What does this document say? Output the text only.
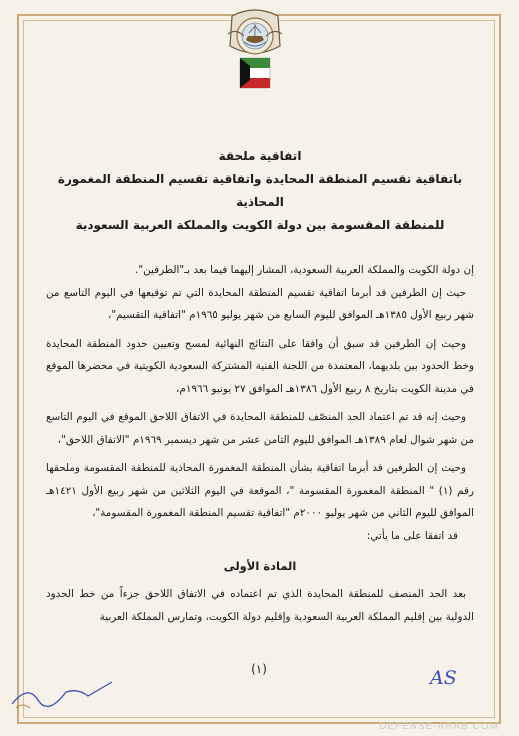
اتفاقية ملحقة

باتفاقية تقسيم المنطقة المحايدة واتفاقية تقسيم المنطقة المغمورة المحاذية

للمنطقة المقسومة بين دولة الكويت والمملكة العربية السعودية

إن دولة الكويت والمملكة العربية السعودية، المشار إليهما فيما بعد بـ"الطرفين".

حيث إن الطرفين قد أبرما اتفاقية تقسيم المنطقة المحايدة التي تم توقيعها في اليوم التاسع من شهر ربيع الأول ١٣٨٥هـ الموافق لليوم السابع من شهر يوليو ١٩٦٥م "اتفاقية التقسيم"،

وحيث إن الطرفين قد سبق أن وافقا على النتائج النهائية لمسح وتعيين حدود المنطقة المحايدة وخط الحدود بين بلديهما، المعتمدة من اللجنة الفنية المشتركة السعودية الكويتية في محضرها الموقع في مدينة الكويت بتاريخ ٨ ربيع الأول ١٣٨٦هـ الموافق ٢٧ يونيو ١٩٦٦م،

وحيث إنه قد تم اعتماد الحد المنصّف للمنطقة المحايدة في الاتفاق اللاحق الموقع في اليوم التاسع من شهر شوال لعام ١٣٨٩هـ الموافق لليوم الثامن عشر من شهر ديسمبر ١٩٦٩م "الاتفاق اللاحق"،

وحيث إن الطرفين قد أبرما اتفاقية بشأن المنطقة المغمورة المحاذية للمنطقة المقسومة وملحقها رقم (١) " المنطقة المغمورة المقسومة "، الموقعة في اليوم الثلاثين من شهر ربيع الأول ١٤٢١هـ الموافق لليوم الثاني من شهر يوليو ٢٠٠٠م "اتفاقية تقسيم المنطقة المغمورة المقسومة"،

قد اتفقا على ما يأتي:

المادة الأولى

بعد الحد المنصف للمنطقة المحايدة الذي تم اعتماده في الاتفاق اللاحق جزءاً من خط الحدود الدولية بين إقليم المملكة العربية السعودية وإقليم دولة الكويت، وتمارس المملكة العربية

(١)	AS
DEFENSE-ARAB.COM
